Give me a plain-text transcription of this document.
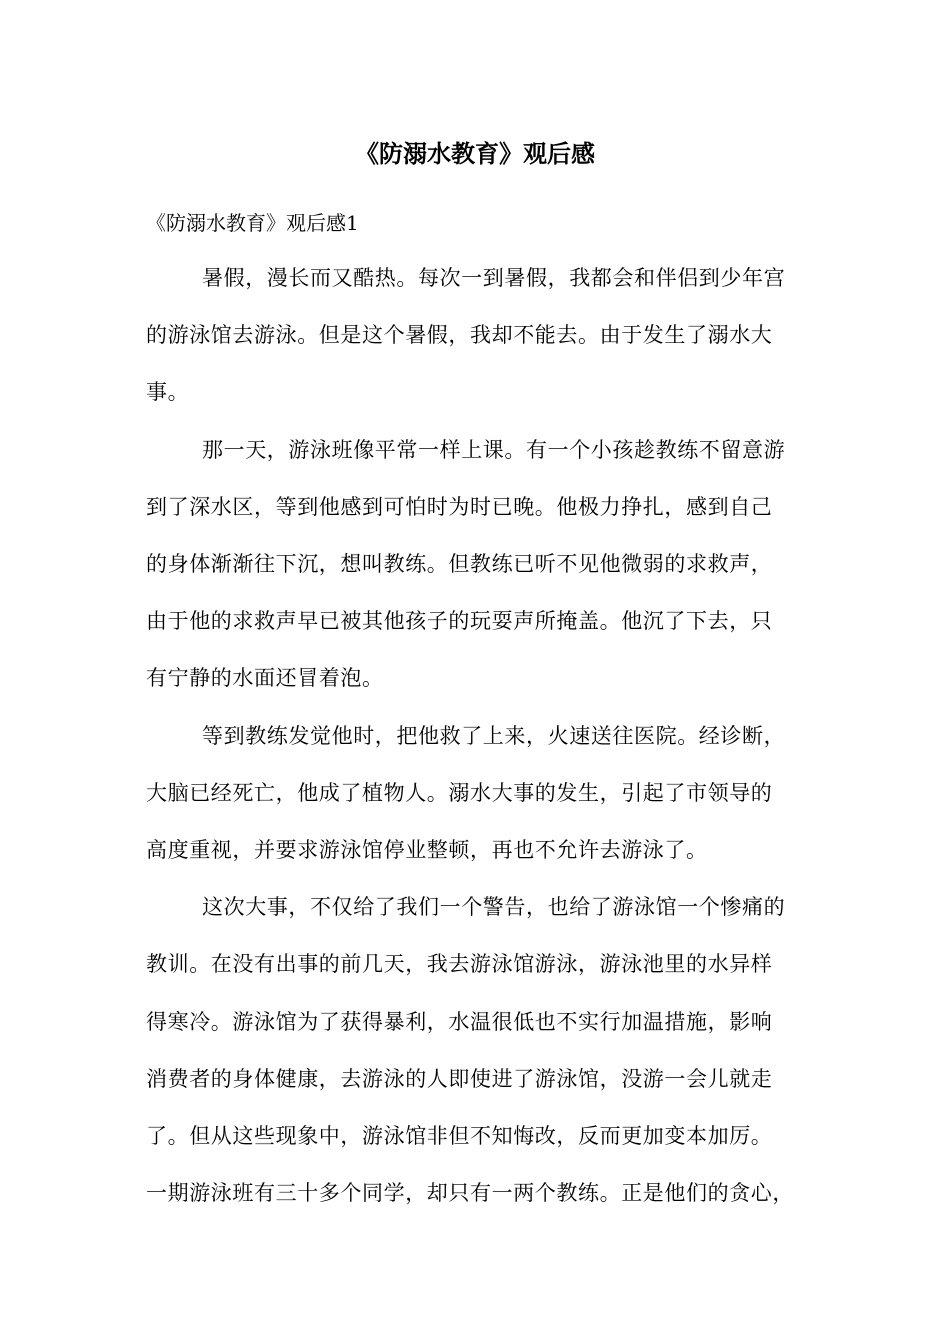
《防溺水教育》观后感

《防溺水教育》观后感1

暑假，漫长而又酷热。每次一到暑假，我都会和伴侣到少年宫

的游泳馆去游泳。但是这个暑假，我却不能去。由于发生了溺水大

事。

那一天，游泳班像平常一样上课。有一个小孩趁教练不留意游

到了深水区，等到他感到可怕时为时已晚。他极力挣扎，感到自己

的身体渐渐往下沉，想叫教练。但教练已听不见他微弱的求救声，

由于他的求救声早已被其他孩子的玩耍声所掩盖。他沉了下去，只

有宁静的水面还冒着泡。

等到教练发觉他时，把他救了上来，火速送往医院。经诊断，

大脑已经死亡，他成了植物人。溺水大事的发生，引起了市领导的

高度重视，并要求游泳馆停业整顿，再也不允许去游泳了。

这次大事，不仅给了我们一个警告，也给了游泳馆一个惨痛的

教训。在没有出事的前几天，我去游泳馆游泳，游泳池里的水异样

得寒冷。游泳馆为了获得暴利，水温很低也不实行加温措施，影响

消费者的身体健康，去游泳的人即使进了游泳馆，没游一会儿就走

了。但从这些现象中，游泳馆非但不知悔改，反而更加变本加厉。

一期游泳班有三十多个同学，却只有一两个教练。正是他们的贪心，
